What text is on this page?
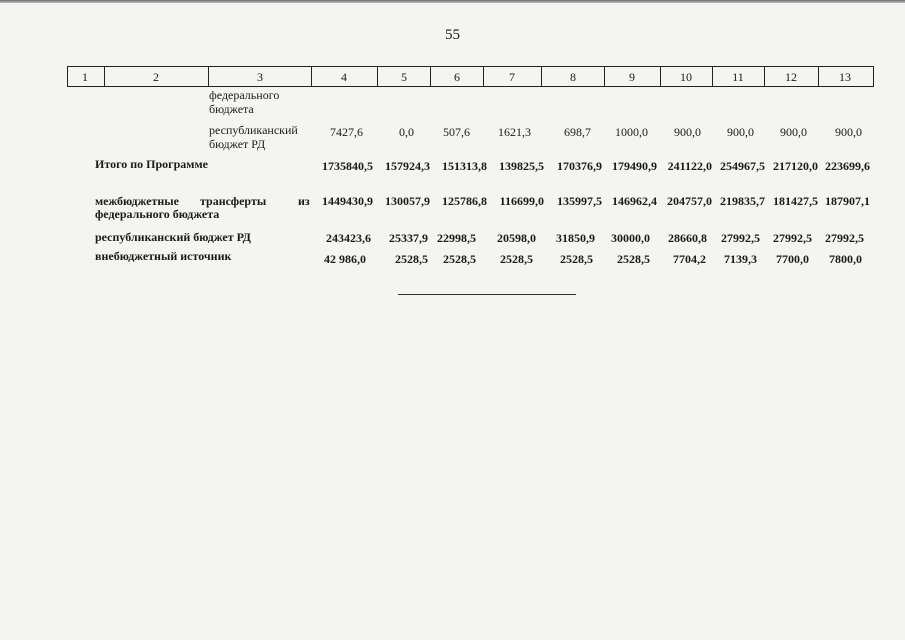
55
1	2	3	4	5	6	7	8	9	10	11	12	13
федерального
бюджета
республиканский
бюджет РД
7427,6	0,0 507,6 1621,3	698,7 1000,0 900,0 900,0 900,0 900,0
Итого по Программе	1735840,5 157924,3 151313,8 139825,5 170376,9 179490,9 241122,0 254967,5 217120,0 223699,6
межбюджетные трансферты	из
федерального бюджета
1449430,9 130057,9 125786,8 116699,0 135997,5 146962,4 204757,0 219835,7 181427,5 187907,1
республиканский бюджет РД	243423,6 25337,9 22998,5 20598,0 31850,9 30000,0 28660,8 27992,5 27992,5 27992,5
внебюджетный источник	42 986,0 2528,5 2528,5 2528,5 2528,5 2528,5 7704,2 7139,3 7700,0 7800,0
